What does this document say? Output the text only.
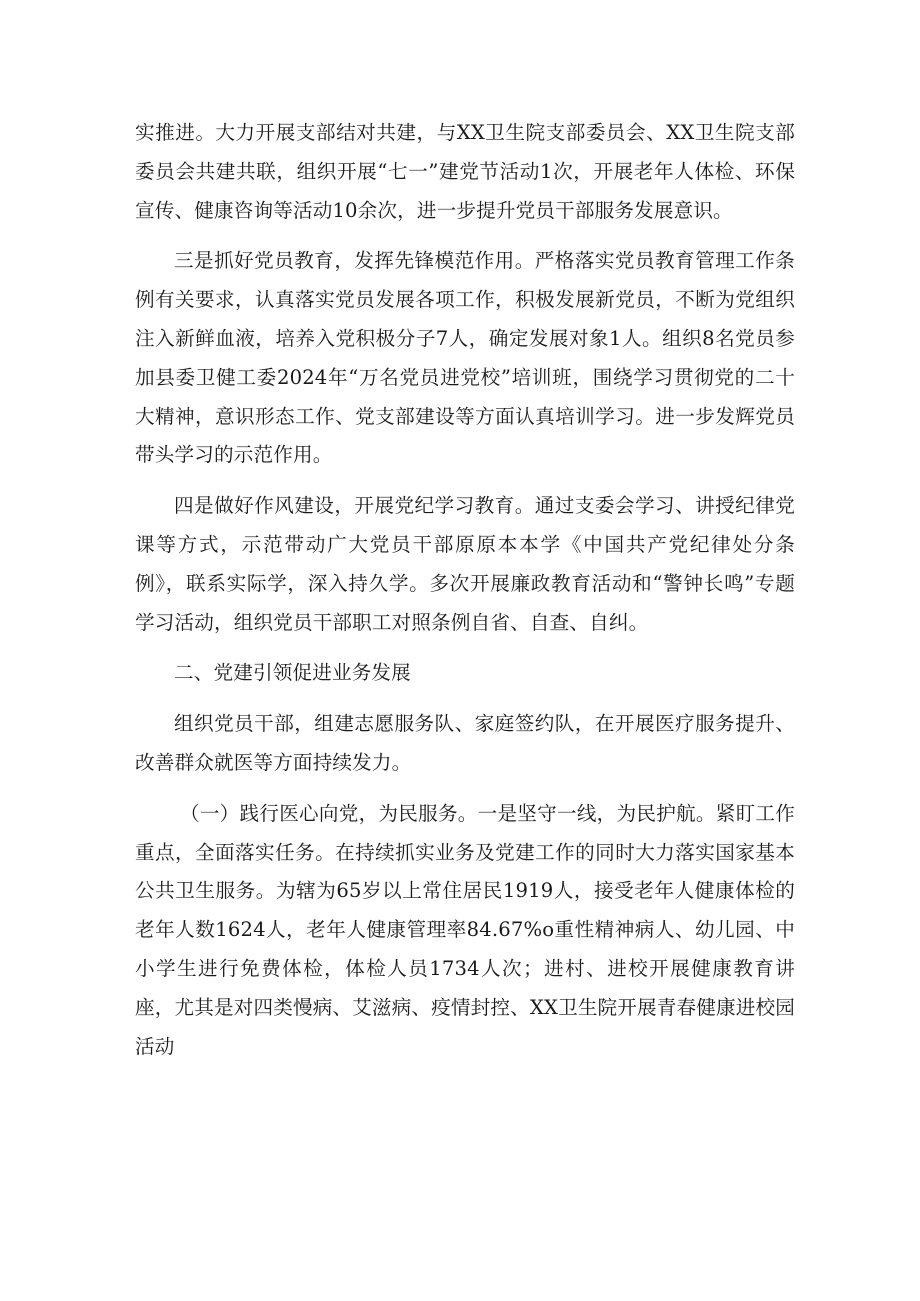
实推进。大力开展支部结对共建，与XX卫生院支部委员会、XX卫生院支部委员会共建共联，组织开展“七一”建党节活动1次，开展老年人体检、环保宣传、健康咨询等活动10余次，进一步提升党员干部服务发展意识。

三是抓好党员教育，发挥先锋模范作用。严格落实党员教育管理工作条例有关要求，认真落实党员发展各项工作，积极发展新党员，不断为党组织注入新鲜血液，培养入党积极分子7人，确定发展对象1人。组织8名党员参加县委卫健工委2024年“万名党员进党校”培训班，围绕学习贯彻党的二十大精神，意识形态工作、党支部建设等方面认真培训学习。进一步发辉党员带头学习的示范作用。

四是做好作风建设，开展党纪学习教育。通过支委会学习、讲授纪律党课等方式，示范带动广大党员干部原原本本学《中国共产党纪律处分条例》，联系实际学，深入持久学。多次开展廉政教育活动和“警钟长鸣”专题学习活动，组织党员干部职工对照条例自省、自查、自纠。

二、党建引领促进业务发展

组织党员干部，组建志愿服务队、家庭签约队，在开展医疗服务提升、改善群众就医等方面持续发力。

（一）践行医心向党，为民服务。一是坚守一线，为民护航。紧盯工作重点，全面落实任务。在持续抓实业务及党建工作的同时大力落实国家基本公共卫生服务。为辖为65岁以上常住居民1919人，接受老年人健康体检的老年人数1624人，老年人健康管理率84.67%o重性精神病人、幼儿园、中小学生进行免费体检，体检人员1734人次；进村、进校开展健康教育讲座，尤其是对四类慢病、艾滋病、疫情封控、XX卫生院开展青春健康进校园活动
